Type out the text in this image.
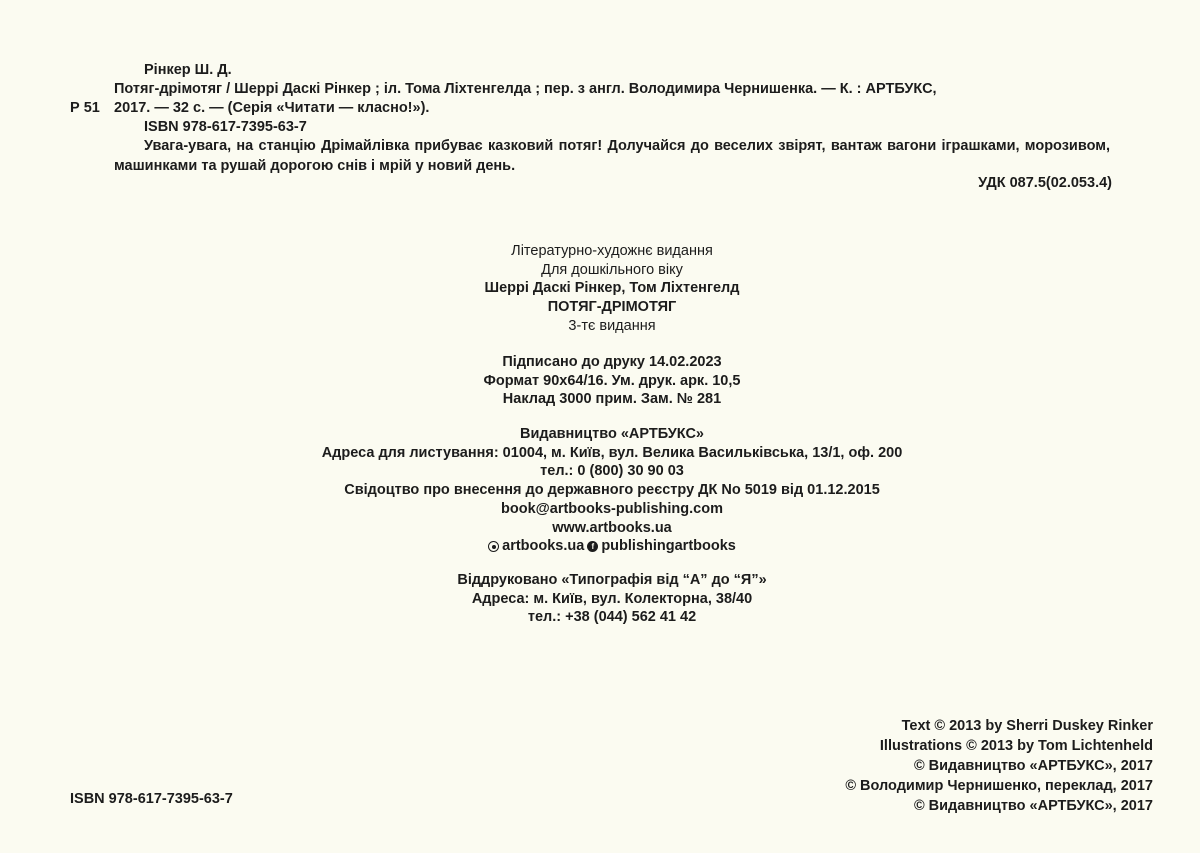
Рінкер Ш. Д.
Потяг-дрімотяг / Шеррі Даскі Рінкер ; іл. Тома Ліхтенгелда ; пер. з англ. Володимира Чернишенка. — К. : АРТБУКС,
Р 51 2017. — 32 с. — (Серія «Читати — класно!»).
ISBN 978-617-7395-63-7
Увага-увага, на станцію Дрімайлівка прибуває казковий потяг! Долучайся до веселих звірят, вантаж вагони іграшками, морозивом, машинками та рушай дорогою снів і мрій у новий день.
УДК 087.5(02.053.4)
Літературно-художнє видання
Для дошкільного віку
Шеррі Даскі Рінкер, Том Ліхтенгелд
ПОТЯГ-ДРІМОТЯГ
3-тє видання
Підписано до друку 14.02.2023
Формат 90x64/16. Ум. друк. арк. 10,5
Наклад 3000 прим. Зам. № 281
Видавництво «АРТБУКС»
Адреса для листування: 01004, м. Київ, вул. Велика Васильківська, 13/1, оф. 200
тел.: 0 (800) 30 90 03
Свідоцтво про внесення до державного реєстру ДК No 5019 від 01.12.2015
book@artbooks-publishing.com
www.artbooks.ua
artbooks.ua f publishingartbooks
Віддруковано «Типографія від “А” до “Я”»
Адреса: м. Київ, вул. Колекторна, 38/40
тел.: +38 (044) 562 41 42
Text © 2013 by Sherri Duskey Rinker
Illustrations © 2013 by Tom Lichtenheld
© Видавництво «АРТБУКС», 2017
© Володимир Чернишенко, переклад, 2017
© Видавництво «АРТБУКС», 2017
ISBN 978-617-7395-63-7
